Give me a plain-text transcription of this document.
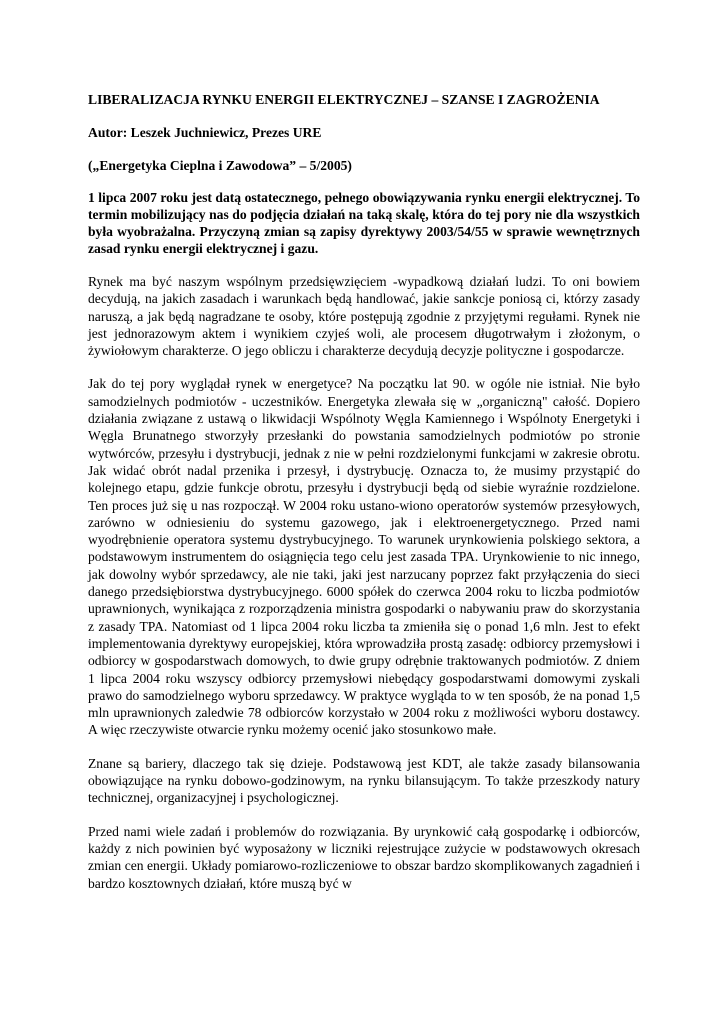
LIBERALIZACJA RYNKU ENERGII ELEKTRYCZNEJ – SZANSE I ZAGROŻENIA

Autor: Leszek Juchniewicz, Prezes URE

(„Energetyka Cieplna i Zawodowa” – 5/2005)

1 lipca 2007 roku jest datą ostatecznego, pełnego obowiązywania rynku energii elektrycznej. To termin mobilizujący nas do podjęcia działań na taką skalę, która do tej pory nie dla wszystkich była wyobrażalna. Przyczyną zmian są zapisy dyrektywy 2003/54/55 w sprawie wewnętrznych zasad rynku energii elektrycznej i gazu.

Rynek ma być naszym wspólnym przedsięwzięciem -wypadkową działań ludzi. To oni bowiem decydują, na jakich zasadach i warunkach będą handlować, jakie sankcje poniosą ci, którzy zasady naruszą, a jak będą nagradzane te osoby, które postępują zgodnie z przyjętymi regułami. Rynek nie jest jednorazowym aktem i wynikiem czyjeś woli, ale procesem długotrwałym i złożonym, o żywiołowym charakterze. O jego obliczu i charakterze decydują decyzje polityczne i gospodarcze.

Jak do tej pory wyglądał rynek w energetyce? Na początku lat 90. w ogóle nie istniał. Nie było samodzielnych podmiotów - uczestników. Energetyka zlewała się w „organiczną" całość. Dopiero działania związane z ustawą o likwidacji Wspólnoty Węgla Kamiennego i Wspólnoty Energetyki i Węgla Brunatnego stworzyły przesłanki do powstania samodzielnych podmiotów po stronie wytwórców, przesyłu i dystrybucji, jednak z nie w pełni rozdzielonymi funkcjami w zakresie obrotu. Jak widać obrót nadal przenika i przesył, i dystrybucję. Oznacza to, że musimy przystąpić do kolejnego etapu, gdzie funkcje obrotu, przesyłu i dystrybucji będą od siebie wyraźnie rozdzielone. Ten proces już się u nas rozpoczął. W 2004 roku ustano-wiono operatorów systemów przesyłowych, zarówno w odniesieniu do systemu gazowego, jak i elektroenergetycznego. Przed nami wyodrębnienie operatora systemu dystrybucyjnego. To warunek urynkowienia polskiego sektora, a podstawowym instrumentem do osiągnięcia tego celu jest zasada TPA. Urynkowienie to nic innego, jak dowolny wybór sprzedawcy, ale nie taki, jaki jest narzucany poprzez fakt przyłączenia do sieci danego przedsiębiorstwa dystrybucyjnego. 6000 spółek do czerwca 2004 roku to liczba podmiotów uprawnionych, wynikająca z rozporządzenia ministra gospodarki o nabywaniu praw do skorzystania z zasady TPA. Natomiast od 1 lipca 2004 roku liczba ta zmieniła się o ponad 1,6 mln. Jest to efekt implementowania dyrektywy europejskiej, która wprowadziła prostą zasadę: odbiorcy przemysłowi i odbiorcy w gospodarstwach domowych, to dwie grupy odrębnie traktowanych podmiotów. Z dniem 1 lipca 2004 roku wszyscy odbiorcy przemysłowi niebędący gospodarstwami domowymi zyskali prawo do samodzielnego wyboru sprzedawcy. W praktyce wygląda to w ten sposób, że na ponad 1,5 mln uprawnionych zaledwie 78 odbiorców korzystało w 2004 roku z możliwości wyboru dostawcy. A więc rzeczywiste otwarcie rynku możemy ocenić jako stosunkowo małe.

Znane są bariery, dlaczego tak się dzieje. Podstawową jest KDT, ale także zasady bilansowania obowiązujące na rynku dobowo-godzinowym, na rynku bilansującym. To także przeszkody natury technicznej, organizacyjnej i psychologicznej.

Przed nami wiele zadań i problemów do rozwiązania. By urynkowić całą gospodarkę i odbiorców, każdy z nich powinien być wyposażony w liczniki rejestrujące zużycie w podstawowych okresach zmian cen energii. Układy pomiarowo-rozliczeniowe to obszar bardzo skomplikowanych zagadnień i bardzo kosztownych działań, które muszą być w
